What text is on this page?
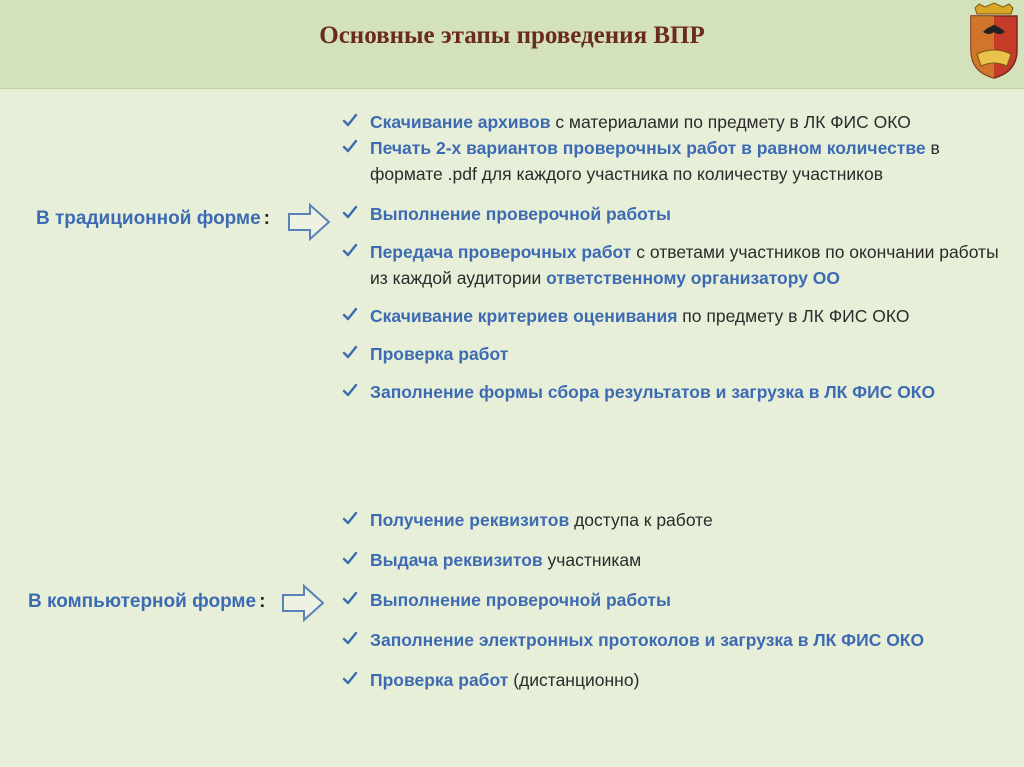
Основные этапы проведения ВПР
В традиционной форме :
Скачивание архивов с материалами по предмету в ЛК ФИС ОКО
Печать 2-х вариантов проверочных работ в равном количестве в формате .pdf для каждого участника по количеству участников
Выполнение проверочной работы
Передача проверочных работ с ответами участников по окончании работы из каждой аудитории ответственному организатору ОО
Скачивание критериев оценивания по предмету в ЛК ФИС ОКО
Проверка работ
Заполнение формы сбора результатов и загрузка в ЛК ФИС ОКО
В компьютерной форме :
Получение реквизитов доступа к работе
Выдача реквизитов участникам
Выполнение проверочной работы
Заполнение электронных протоколов и загрузка в ЛК ФИС ОКО
Проверка работ (дистанционно)
